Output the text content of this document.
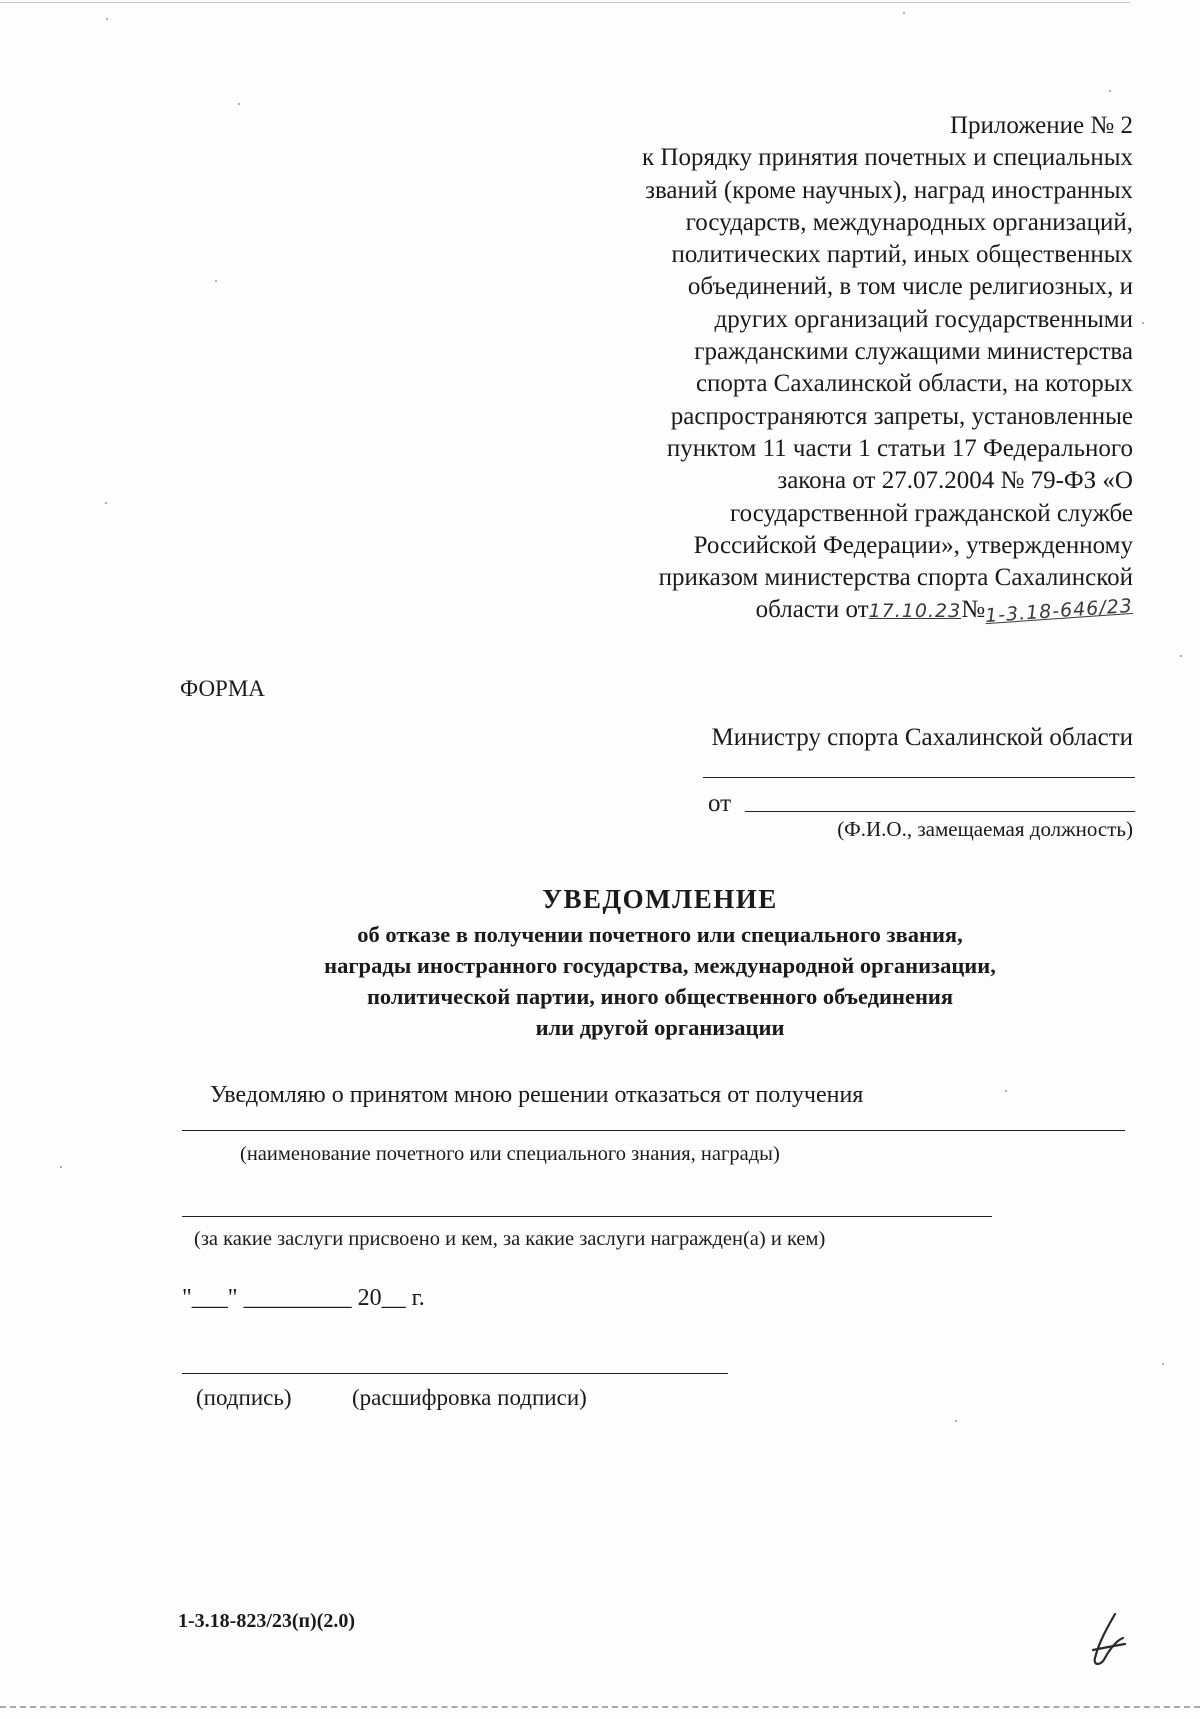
Приложение № 2
к Порядку принятия почетных и специальных
званий (кроме научных), наград иностранных
государств, международных организаций,
политических партий, иных общественных
объединений, в том числе религиозных, и
других организаций государственными
гражданскими служащими министерства
спорта Сахалинской области, на которых
распространяются запреты, установленные
пунктом 11 части 1 статьи 17 Федерального
закона от 27.07.2004 № 79-ФЗ «О
государственной гражданской службе
Российской Федерации», утвержденному
приказом министерства спорта Сахалинской
области от17.10.23№1-3.18-646/23
ФОРМА
Министру спорта Сахалинской области
от
(Ф.И.О., замещаемая должность)
УВЕДОМЛЕНИЕ
об отказе в получении почетного или специального звания,
награды иностранного государства, международной организации,
политической партии, иного общественного объединения
или другой организации
Уведомляю о принятом мною решении отказаться от получения
(наименование почетного или специального знания, награды)
(за какие заслуги присвоено и кем, за какие заслуги награжден(а) и кем)
"___" _________ 20__ г.
(подпись)	(расшифровка подписи)
1-3.18-823/23(п)(2.0)
